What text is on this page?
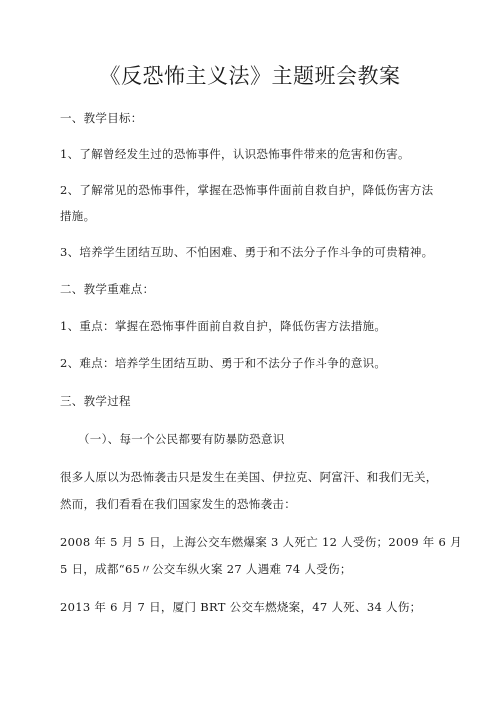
《反恐怖主义法》主题班会教案
一、教学目标：
1、了解曾经发生过的恐怖事件，认识恐怖事件带来的危害和伤害。
2、了解常见的恐怖事件，掌握在恐怖事件面前自救自护，降低伤害方法
措施。
3、培养学生团结互助、不怕困难、勇于和不法分子作斗争的可贵精神。
二、教学重难点：
1、重点：掌握在恐怖事件面前自救自护，降低伤害方法措施。
2、难点：培养学生团结互助、勇于和不法分子作斗争的意识。
三、教学过程
（一）、每一个公民都要有防暴防恐意识
很多人原以为恐怖袭击只是发生在美国、伊拉克、阿富汗、和我们无关，
然而，我们看看在我们国家发生的恐怖袭击：
2008 年 5 月 5 日，上海公交车燃爆案 3 人死亡 12 人受伤；2009 年 6 月
5 日，成都“65〃公交车纵火案 27 人遇难 74 人受伤；
2013 年 6 月 7 日，厦门 BRT 公交车燃烧案，47 人死、34 人伤；
